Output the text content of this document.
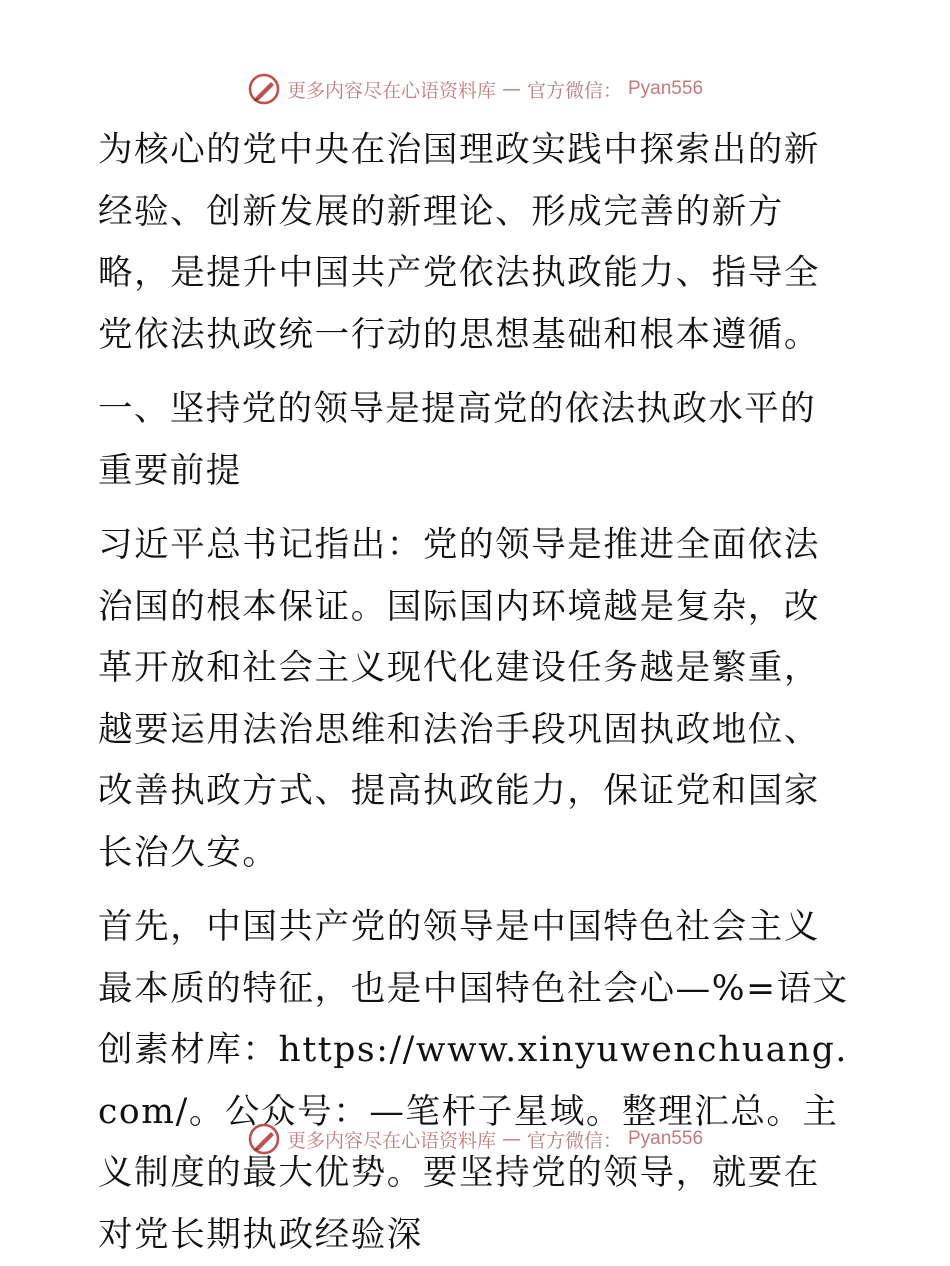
更多内容尽在心语资料库 — 官方微信： Pyan556

为核心的党中央在治国理政实践中探索出的新经验、创新发展的新理论、形成完善的新方略，是提升中国共产党依法执政能力、指导全党依法执政统一行动的思想基础和根本遵循。

一、坚持党的领导是提高党的依法执政水平的重要前提

习近平总书记指出：党的领导是推进全面依法治国的根本保证。国际国内环境越是复杂，改革开放和社会主义现代化建设任务越是繁重，越要运用法治思维和法治手段巩固执政地位、改善执政方式、提高执政能力，保证党和国家长治久安。

首先，中国共产党的领导是中国特色社会主义最本质的特征，也是中国特色社会心—%=语文创素材库：https://www.xinyuwenchuang.com/。公众号：—笔杆子星域。整理汇总。主义制度的最大优势。要坚持党的领导，就要在对党长期执政经验深

更多内容尽在心语资料库 — 官方微信： Pyan556
